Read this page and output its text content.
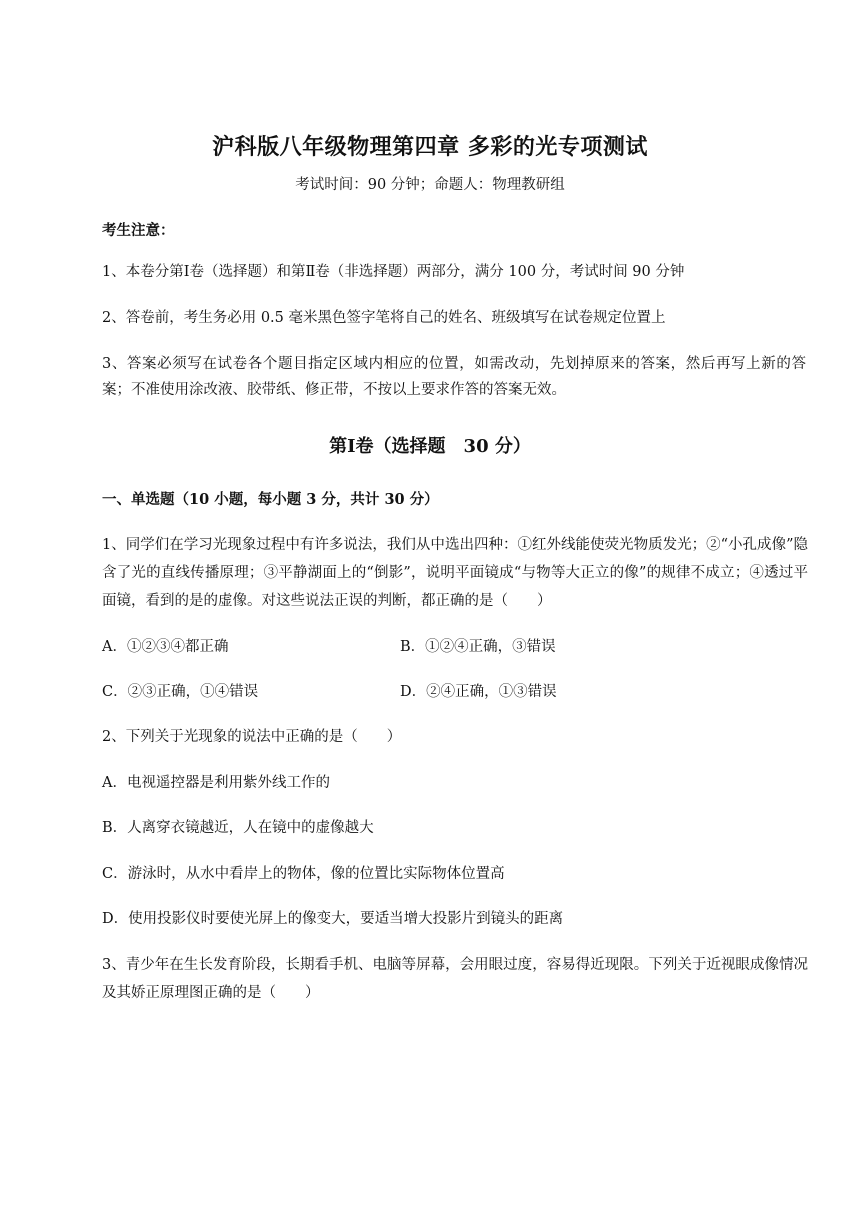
沪科版八年级物理第四章 多彩的光专项测试
考试时间：90 分钟；命题人：物理教研组
考生注意：
1、本卷分第Ⅰ卷（选择题）和第Ⅱ卷（非选择题）两部分，满分 100 分，考试时间 90 分钟
2、答卷前，考生务必用 0.5 毫米黑色签字笔将自己的姓名、班级填写在试卷规定位置上
3、答案必须写在试卷各个题目指定区域内相应的位置，如需改动，先划掉原来的答案，然后再写上新的答案；不准使用涂改液、胶带纸、修正带，不按以上要求作答的答案无效。
第Ⅰ卷（选择题　30 分）
一、单选题（10 小题，每小题 3 分，共计 30 分）
1、同学们在学习光现象过程中有许多说法，我们从中选出四种：①红外线能使荧光物质发光；②“小孔成像”隐含了光的直线传播原理；③平静湖面上的“倒影”，说明平面镜成“与物等大正立的像”的规律不成立；④透过平面镜，看到的是的虚像。对这些说法正误的判断，都正确的是（　　）
A．①②③④都正确	B．①②④正确，③错误
C．②③正确，①④错误	D．②④正确，①③错误
2、下列关于光现象的说法中正确的是（　　）
A．电视遥控器是利用紫外线工作的
B．人离穿衣镜越近，人在镜中的虚像越大
C．游泳时，从水中看岸上的物体，像的位置比实际物体位置高
D．使用投影仪时要使光屏上的像变大，要适当增大投影片到镜头的距离
3、青少年在生长发育阶段，长期看手机、电脑等屏幕，会用眼过度，容易得近现限。下列关于近视眼成像情况及其娇正原理图正确的是（　　）
